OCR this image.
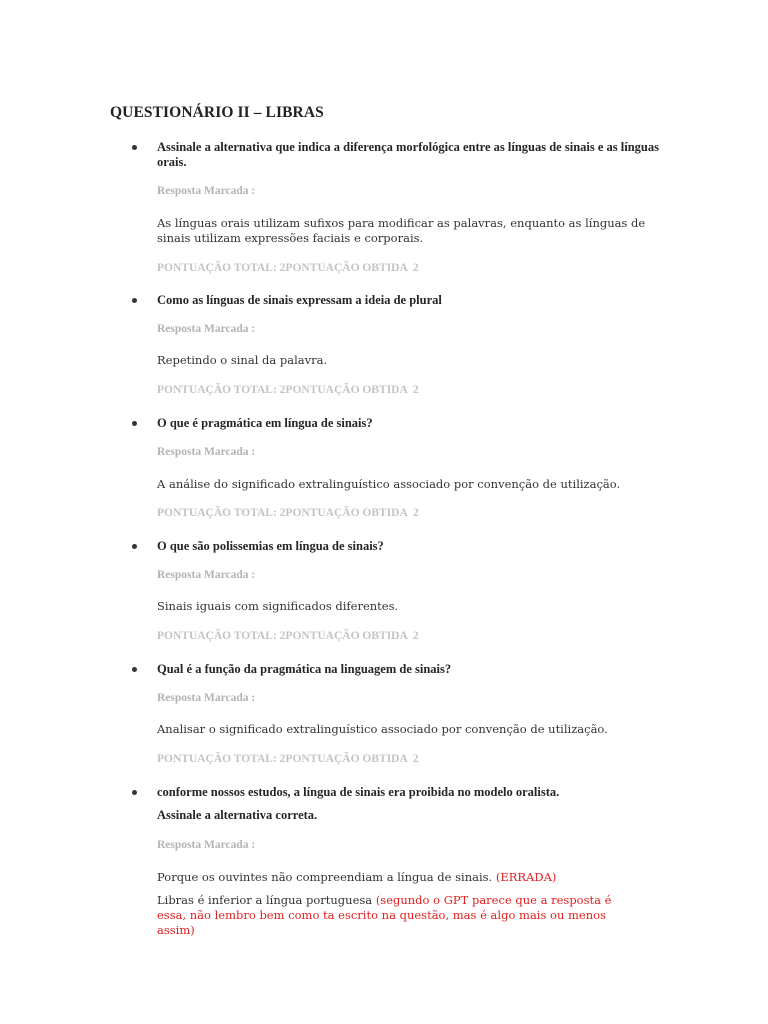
QUESTIONÁRIO II – LIBRAS
Assinale a alternativa que indica a diferença morfológica entre as línguas de sinais e as línguas orais.
Resposta Marcada :
As línguas orais utilizam sufixos para modificar as palavras, enquanto as línguas de sinais utilizam expressões faciais e corporais.
PONTUAÇÃO TOTAL: 2PONTUAÇÃO OBTIDA  2
Como as línguas de sinais expressam a ideia de plural
Resposta Marcada :
Repetindo o sinal da palavra.
PONTUAÇÃO TOTAL: 2PONTUAÇÃO OBTIDA  2
O que é pragmática em língua de sinais?
Resposta Marcada :
A análise do significado extralinguístico associado por convenção de utilização.
PONTUAÇÃO TOTAL: 2PONTUAÇÃO OBTIDA  2
O que são polissemias em língua de sinais?
Resposta Marcada :
Sinais iguais com significados diferentes.
PONTUAÇÃO TOTAL: 2PONTUAÇÃO OBTIDA  2
Qual é a função da pragmática na linguagem de sinais?
Resposta Marcada :
Analisar o significado extralinguístico associado por convenção de utilização.
PONTUAÇÃO TOTAL: 2PONTUAÇÃO OBTIDA  2
conforme nossos estudos, a língua de sinais era proibida no modelo oralista.
Assinale a alternativa correta.
Resposta Marcada :
Porque os ouvintes não compreendiam a língua de sinais. (ERRADA)
Libras é inferior a língua portuguesa (segundo o GPT parece que a resposta é essa, não lembro bem como ta escrito na questão, mas é algo mais ou menos assim)
